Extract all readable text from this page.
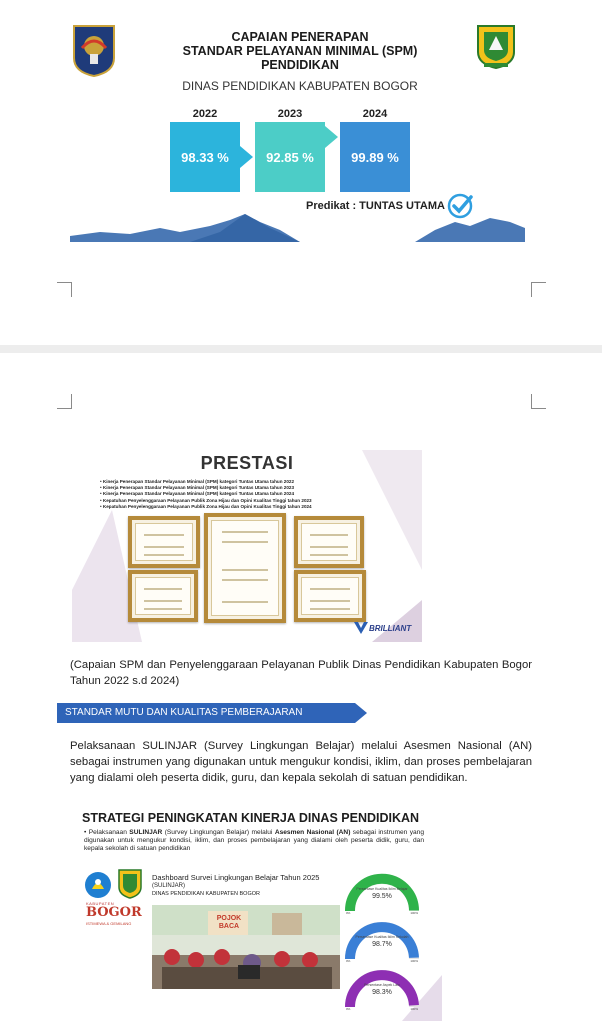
CAPAIAN PENERAPAN
STANDAR PELAYANAN MINIMAL (SPM)
PENDIDIKAN
DINAS PENDIDIKAN KABUPATEN BOGOR
2022	2023	2024
98.33 %	92.85 %	99.89 %
Predikat : TUNTAS UTAMA
PRESTASI
• Kinerja Penerapan Standar Pelayanan Minimal (SPM) kategori Tuntas Utama tahun 2022
• Kinerja Penerapan Standar Pelayanan Minimal (SPM) kategori Tuntas Utama tahun 2023
• Kinerja Penerapan Standar Pelayanan Minimal (SPM) kategori Tuntas Utama tahun 2024
• Kepatuhan Penyelenggaraan Pelayanan Publik Zona Hijau dan Opini Kualitas Tinggi tahun 2023
• Kepatuhan Penyelenggaraan Pelayanan Publik Zona Hijau dan Opini Kualitas Tinggi tahun 2024
BRILLIANT
(Capaian SPM dan Penyelenggaraan Pelayanan Publik Dinas Pendidikan Kabupaten Bogor Tahun 2022 s.d 2024)
STANDAR MUTU DAN KUALITAS PEMBERAJARAN
Pelaksanaan SULINJAR (Survey Lingkungan Belajar) melalui Asesmen Nasional (AN) sebagai instrumen yang digunakan untuk mengukur kondisi, iklim, dan proses pembelajaran yang dialami oleh peserta didik, guru, dan kepala sekolah di satuan pendidikan.
STRATEGI PENINGKATAN KINERJA DINAS PENDIDIKAN
• Pelaksanaan SULINJAR (Survey Lingkungan Belajar) melalui Asesmen Nasional (AN) sebagai instrumen yang digunakan untuk mengukur kondisi, iklim, dan proses pembelajaran yang dialami oleh peserta didik, guru, dan kepala sekolah di satuan pendidikan
KABUPATEN
BOGOR
ISTIMEWA & GEMILANG
Dashboard Survei Lingkungan Belajar Tahun 2025
(SULINJAR)
DINAS PENDIDIKAN KABUPATEN BOGOR
POJOK BACA
Persentase Kualitas Iklim Belajar
99.5%
0%	100%
Persentase Kualitas Iklim Sekolah
98.7%
0%	100%
Persentase Aspek Lain
98.3%
0%	100%
